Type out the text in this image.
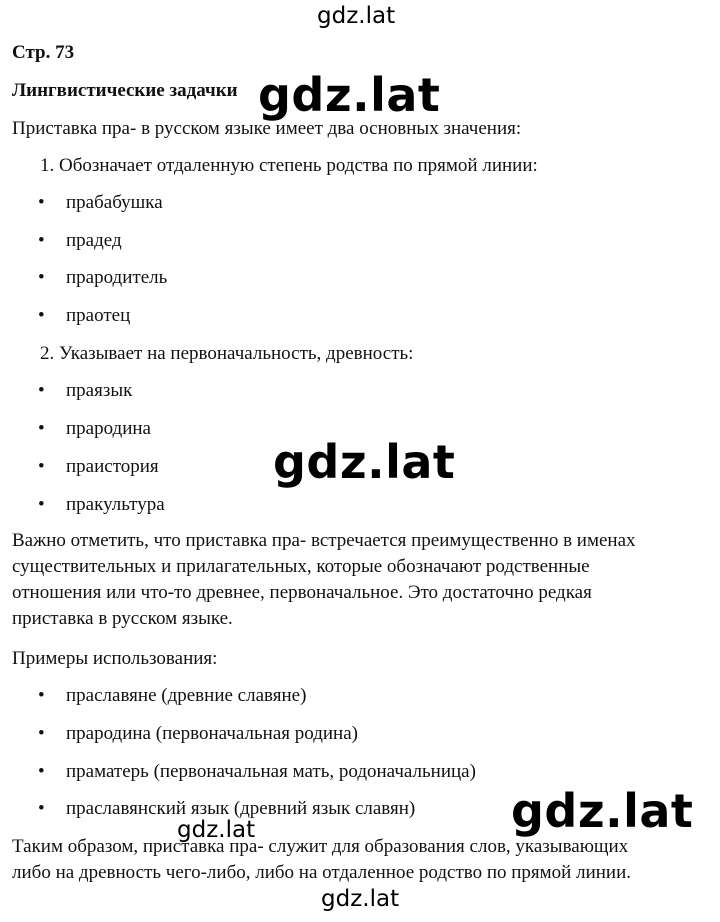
gdz.lat
Стр. 73
Лингвистические задачки
Приставка пра- в русском языке имеет два основных значения:
1. Обозначает отдаленную степень родства по прямой линии:
• прабабушка
• прадед
• прародитель
• праотец
2. Указывает на первоначальность, древность:
• праязык
• прародина
• праистория
• пракультура
Важно отметить, что приставка пра- встречается преимущественно в именах
существительных и прилагательных, которые обозначают родственные
отношения или что-то древнее, первоначальное. Это достаточно редкая
приставка в русском языке.
Примеры использования:
• праславяне (древние славяне)
• прародина (первоначальная родина)
• праматерь (первоначальная мать, родоначальница)
• праславянский язык (древний язык славян)
Таким образом, приставка пра- служит для образования слов, указывающих
либо на древность чего-либо, либо на отдаленное родство по прямой линии.
gdz.lat
gdz.lat
gdz.lat
gdz.lat
gdz.lat
